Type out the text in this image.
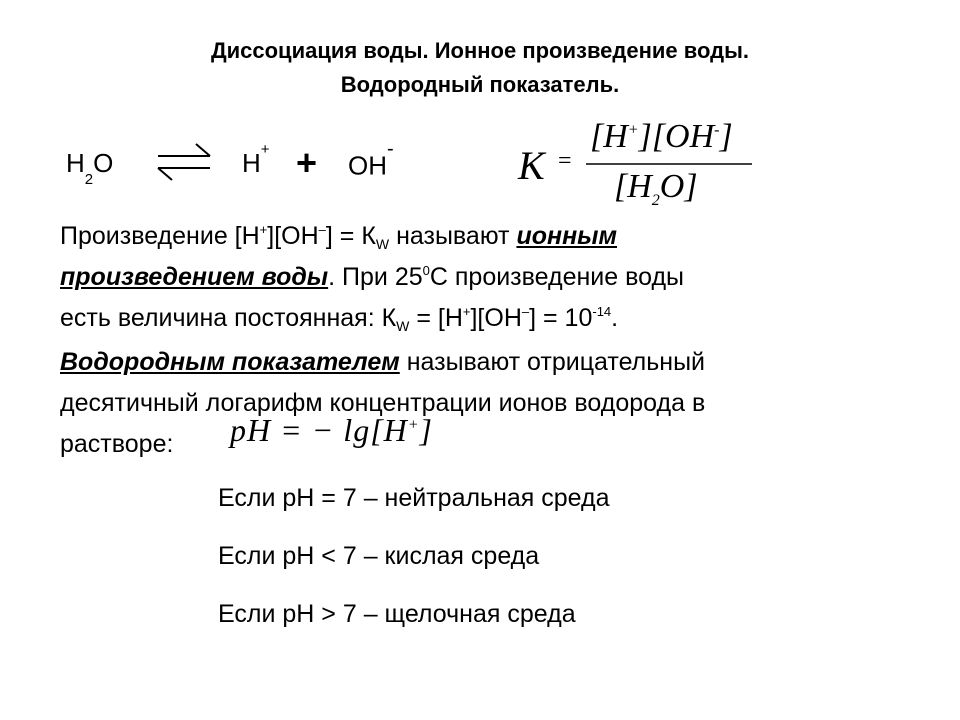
Диссоциация воды. Ионное произведение воды.
Водородный показатель.
$H_2O$ ⇌ H+ + OH-	K =
[H+][OH-]
$[H_2O]$
Произведение $[H^+][OH^-] = К_W$ называют ионным
произведением воды. При $25^0С$ произведение воды
есть величина постоянная: $К_W = [H^+][OH^-] = 10^{-14}$.
Водородным показателем называют отрицательный
десятичный логарифм концентрации ионов водорода в
растворе:	pH = − lg[H+]
Если pH = 7 – нейтральная среда
Если pH < 7 – кислая среда
Если pH > 7 – щелочная среда
